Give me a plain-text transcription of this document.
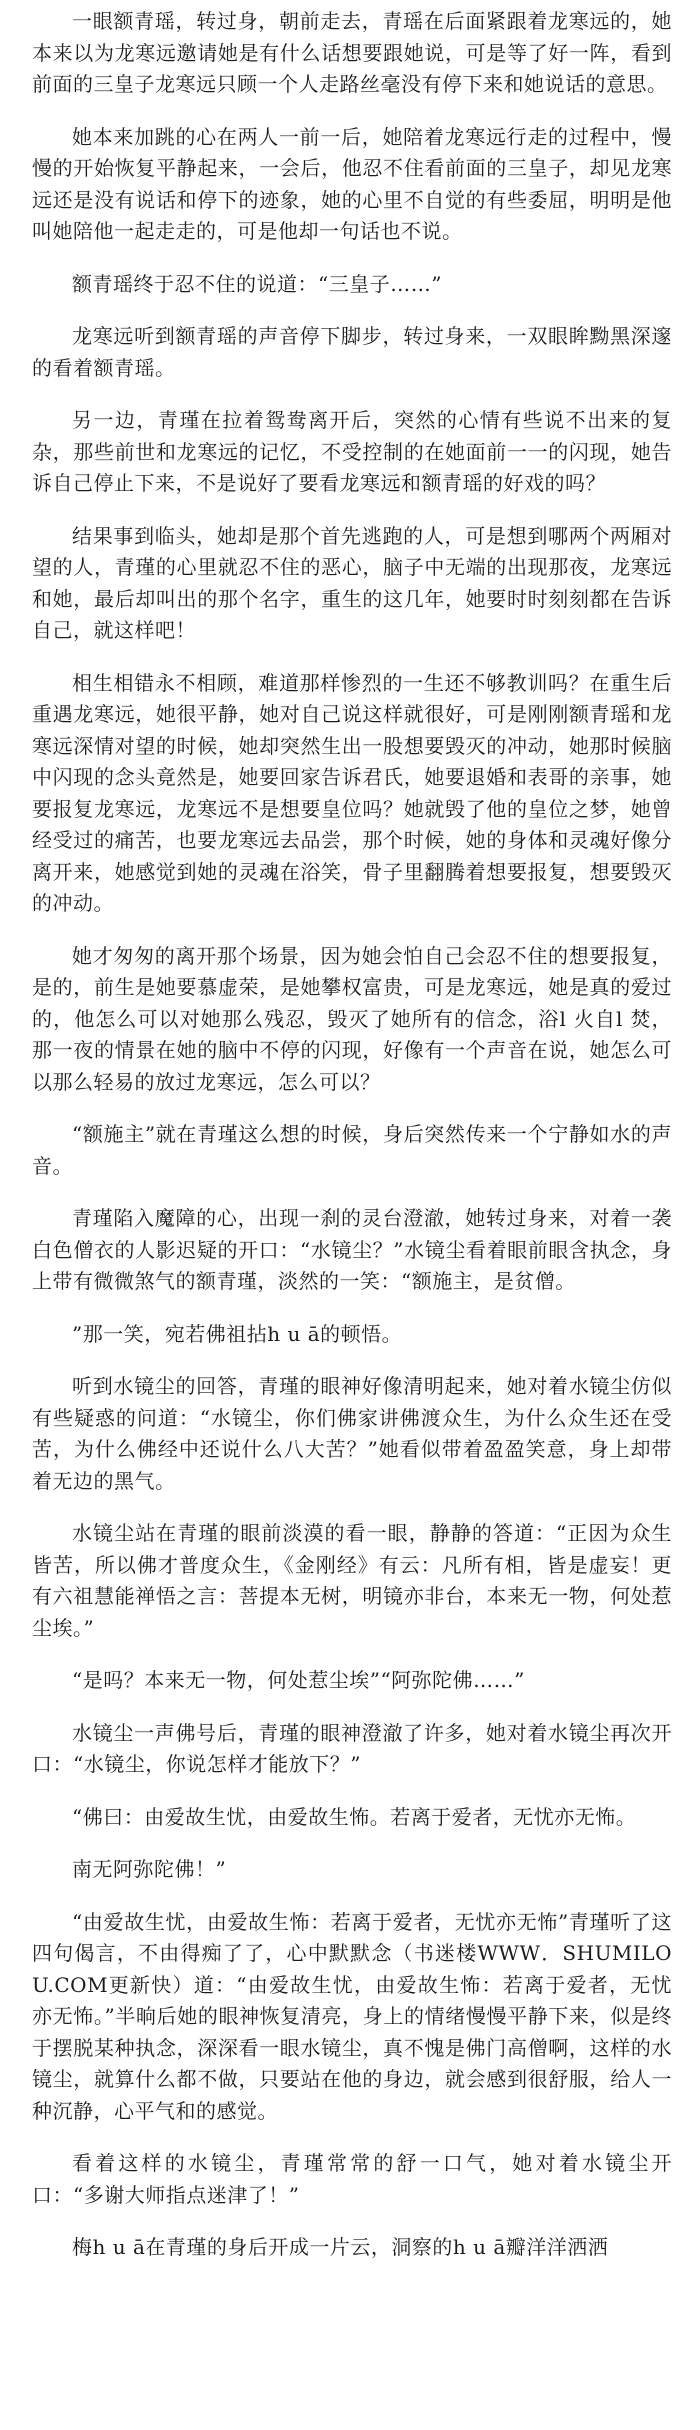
一眼额青瑶，转过身，朝前走去，青瑶在后面紧跟着龙寒远的，她本来以为龙寒远邀请她是有什么话想要跟她说，可是等了好一阵，看到前面的三皇子龙寒远只顾一个人走路丝毫没有停下来和她说话的意思。

她本来加跳的心在两人一前一后，她陪着龙寒远行走的过程中，慢慢的开始恢复平静起来，一会后，他忍不住看前面的三皇子，却见龙寒远还是没有说话和停下的迹象，她的心里不自觉的有些委屈，明明是他叫她陪他一起走走的，可是他却一句话也不说。

额青瑶终于忍不住的说道：“三皇子……”

龙寒远听到额青瑶的声音停下脚步，转过身来，一双眼眸黝黑深邃的看着额青瑶。

另一边，青瑾在拉着鸳鸯离开后，突然的心情有些说不出来的复杂，那些前世和龙寒远的记忆，不受控制的在她面前一一的闪现，她告诉自己停止下来，不是说好了要看龙寒远和额青瑶的好戏的吗？

结果事到临头，她却是那个首先逃跑的人，可是想到哪两个两厢对望的人，青瑾的心里就忍不住的恶心，脑子中无端的出现那夜，龙寒远和她，最后却叫出的那个名字，重生的这几年，她要时时刻刻都在告诉自己，就这样吧！

相生相错永不相顾，难道那样惨烈的一生还不够教训吗？在重生后重遇龙寒远，她很平静，她对自己说这样就很好，可是刚刚额青瑶和龙寒远深情对望的时候，她却突然生出一股想要毁灭的冲动，她那时候脑中闪现的念头竟然是，她要回家告诉君氏，她要退婚和表哥的亲事，她要报复龙寒远，龙寒远不是想要皇位吗？她就毁了他的皇位之梦，她曾经受过的痛苦，也要龙寒远去品尝，那个时候，她的身体和灵魂好像分离开来，她感觉到她的灵魂在浴笑，骨子里翻腾着想要报复，想要毁灭的冲动。

她才匆匆的离开那个场景，因为她会怕自己会忍不住的想要报复，是的，前生是她要慕虚荣，是她攀权富贵，可是龙寒远，她是真的爱过的，他怎么可以对她那么残忍，毁灭了她所有的信念，浴l 火自l 焚，那一夜的情景在她的脑中不停的闪现，好像有一个声音在说，她怎么可以那么轻易的放过龙寒远，怎么可以？

“额施主”就在青瑾这么想的时候，身后突然传来一个宁静如水的声音。

青瑾陷入魔障的心，出现一刹的灵台澄澈，她转过身来，对着一袭白色僧衣的人影迟疑的开口：“水镜尘？”水镜尘看着眼前眼含执念，身上带有微微煞气的额青瑾，淡然的一笑：“额施主，是贫僧。

”那一笑，宛若佛祖拈h u ā的顿悟。

听到水镜尘的回答，青瑾的眼神好像清明起来，她对着水镜尘仿似有些疑惑的问道：“水镜尘，你们佛家讲佛渡众生，为什么众生还在受苦，为什么佛经中还说什么八大苦？”她看似带着盈盈笑意，身上却带着无边的黑气。

水镜尘站在青瑾的眼前淡漠的看一眼，静静的答道：“正因为众生皆苦，所以佛才普度众生，《金刚经》有云：凡所有相，皆是虚妄！更有六祖慧能禅悟之言：菩提本无树，明镜亦非台，本来无一物，何处惹尘埃。”

“是吗？本来无一物，何处惹尘埃”“阿弥陀佛……”

水镜尘一声佛号后，青瑾的眼神澄澈了许多，她对着水镜尘再次开口：“水镜尘，你说怎样才能放下？”

“佛曰：由爱故生忧，由爱故生怖。若离于爱者，无忧亦无怖。

南无阿弥陀佛！”

“由爱故生忧，由爱故生怖：若离于爱者，无忧亦无怖”青瑾听了这四句偈言，不由得痴了了，心中默默念（书迷楼WWW．SHUMILOU.COM更新快）道：“由爱故生忧，由爱故生怖：若离于爱者，无忧亦无怖。”半晌后她的眼神恢复清亮，身上的情绪慢慢平静下来，似是终于摆脱某种执念，深深看一眼水镜尘，真不愧是佛门高僧啊，这样的水镜尘，就算什么都不做，只要站在他的身边，就会感到很舒服，给人一种沉静，心平气和的感觉。

看着这样的水镜尘，青瑾常常的舒一口气，她对着水镜尘开口：“多谢大师指点迷津了！”

梅h u ā在青瑾的身后开成一片云，洞察的h u ā瓣洋洋洒洒
